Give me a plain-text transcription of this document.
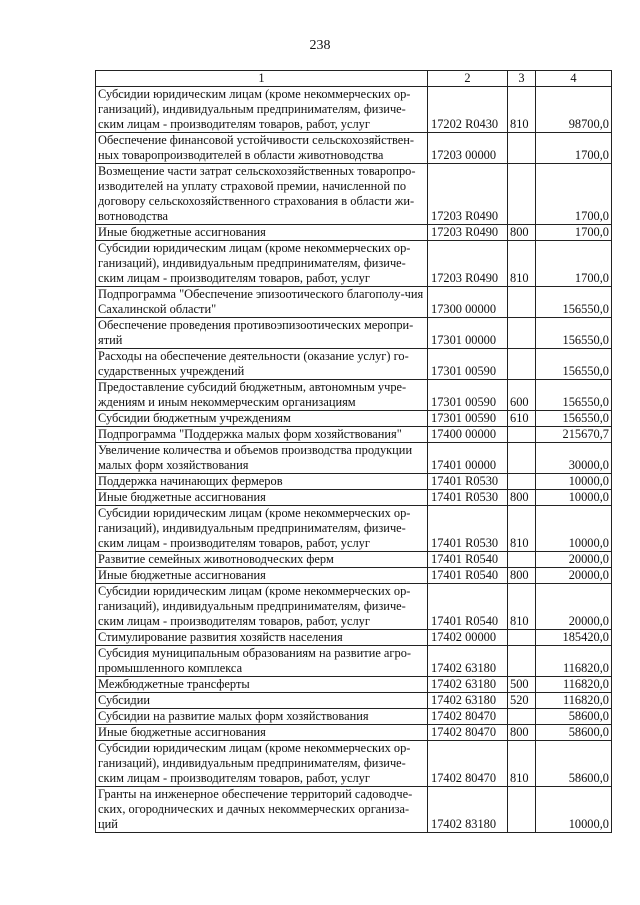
238
1	2	3	4
Субсидии юридическим лицам (кроме некоммерческих ор-ганизаций), индивидуальным предпринимателям, физиче-ским лицам - производителям товаров, работ, услуг	17202 R0430	810	98700,0
Обеспечение финансовой устойчивости сельскохозяйствен-ных товаропроизводителей в области животноводства	17203 00000		1700,0
Возмещение части затрат сельскохозяйственных товаропро-изводителей на уплату страховой премии, начисленной по договору сельскохозяйственного страхования в области жи-вотноводства	17203 R0490		1700,0
Иные бюджетные ассигнования	17203 R0490	800	1700,0
Субсидии юридическим лицам (кроме некоммерческих ор-ганизаций), индивидуальным предпринимателям, физиче-ским лицам - производителям товаров, работ, услуг	17203 R0490	810	1700,0
Подпрограмма "Обеспечение эпизоотического благополу-чия Сахалинской области"	17300 00000		156550,0
Обеспечение проведения противоэпизоотических меропри-ятий	17301 00000		156550,0
Расходы на обеспечение деятельности (оказание услуг) го-сударственных учреждений	17301 00590		156550,0
Предоставление субсидий бюджетным, автономным учре-ждениям и иным некоммерческим организациям	17301 00590	600	156550,0
Субсидии бюджетным учреждениям	17301 00590	610	156550,0
Подпрограмма "Поддержка малых форм хозяйствования"	17400 00000		215670,7
Увеличение количества и объемов производства продукции малых форм хозяйствования	17401 00000		30000,0
Поддержка начинающих фермеров	17401 R0530		10000,0
Иные бюджетные ассигнования	17401 R0530	800	10000,0
Субсидии юридическим лицам (кроме некоммерческих ор-ганизаций), индивидуальным предпринимателям, физиче-ским лицам - производителям товаров, работ, услуг	17401 R0530	810	10000,0
Развитие семейных животноводческих ферм	17401 R0540		20000,0
Иные бюджетные ассигнования	17401 R0540	800	20000,0
Субсидии юридическим лицам (кроме некоммерческих ор-ганизаций), индивидуальным предпринимателям, физиче-ским лицам - производителям товаров, работ, услуг	17401 R0540	810	20000,0
Стимулирование развития хозяйств населения	17402 00000		185420,0
Субсидия муниципальным образованиям на развитие агро-промышленного комплекса	17402 63180		116820,0
Межбюджетные трансферты	17402 63180	500	116820,0
Субсидии	17402 63180	520	116820,0
Субсидии на развитие малых форм хозяйствования	17402 80470		58600,0
Иные бюджетные ассигнования	17402 80470	800	58600,0
Субсидии юридическим лицам (кроме некоммерческих ор-ганизаций), индивидуальным предпринимателям, физиче-ским лицам - производителям товаров, работ, услуг	17402 80470	810	58600,0
Гранты на инженерное обеспечение территорий садоводче-ских, огороднических и дачных некоммерческих организа-ций	17402 83180		10000,0
